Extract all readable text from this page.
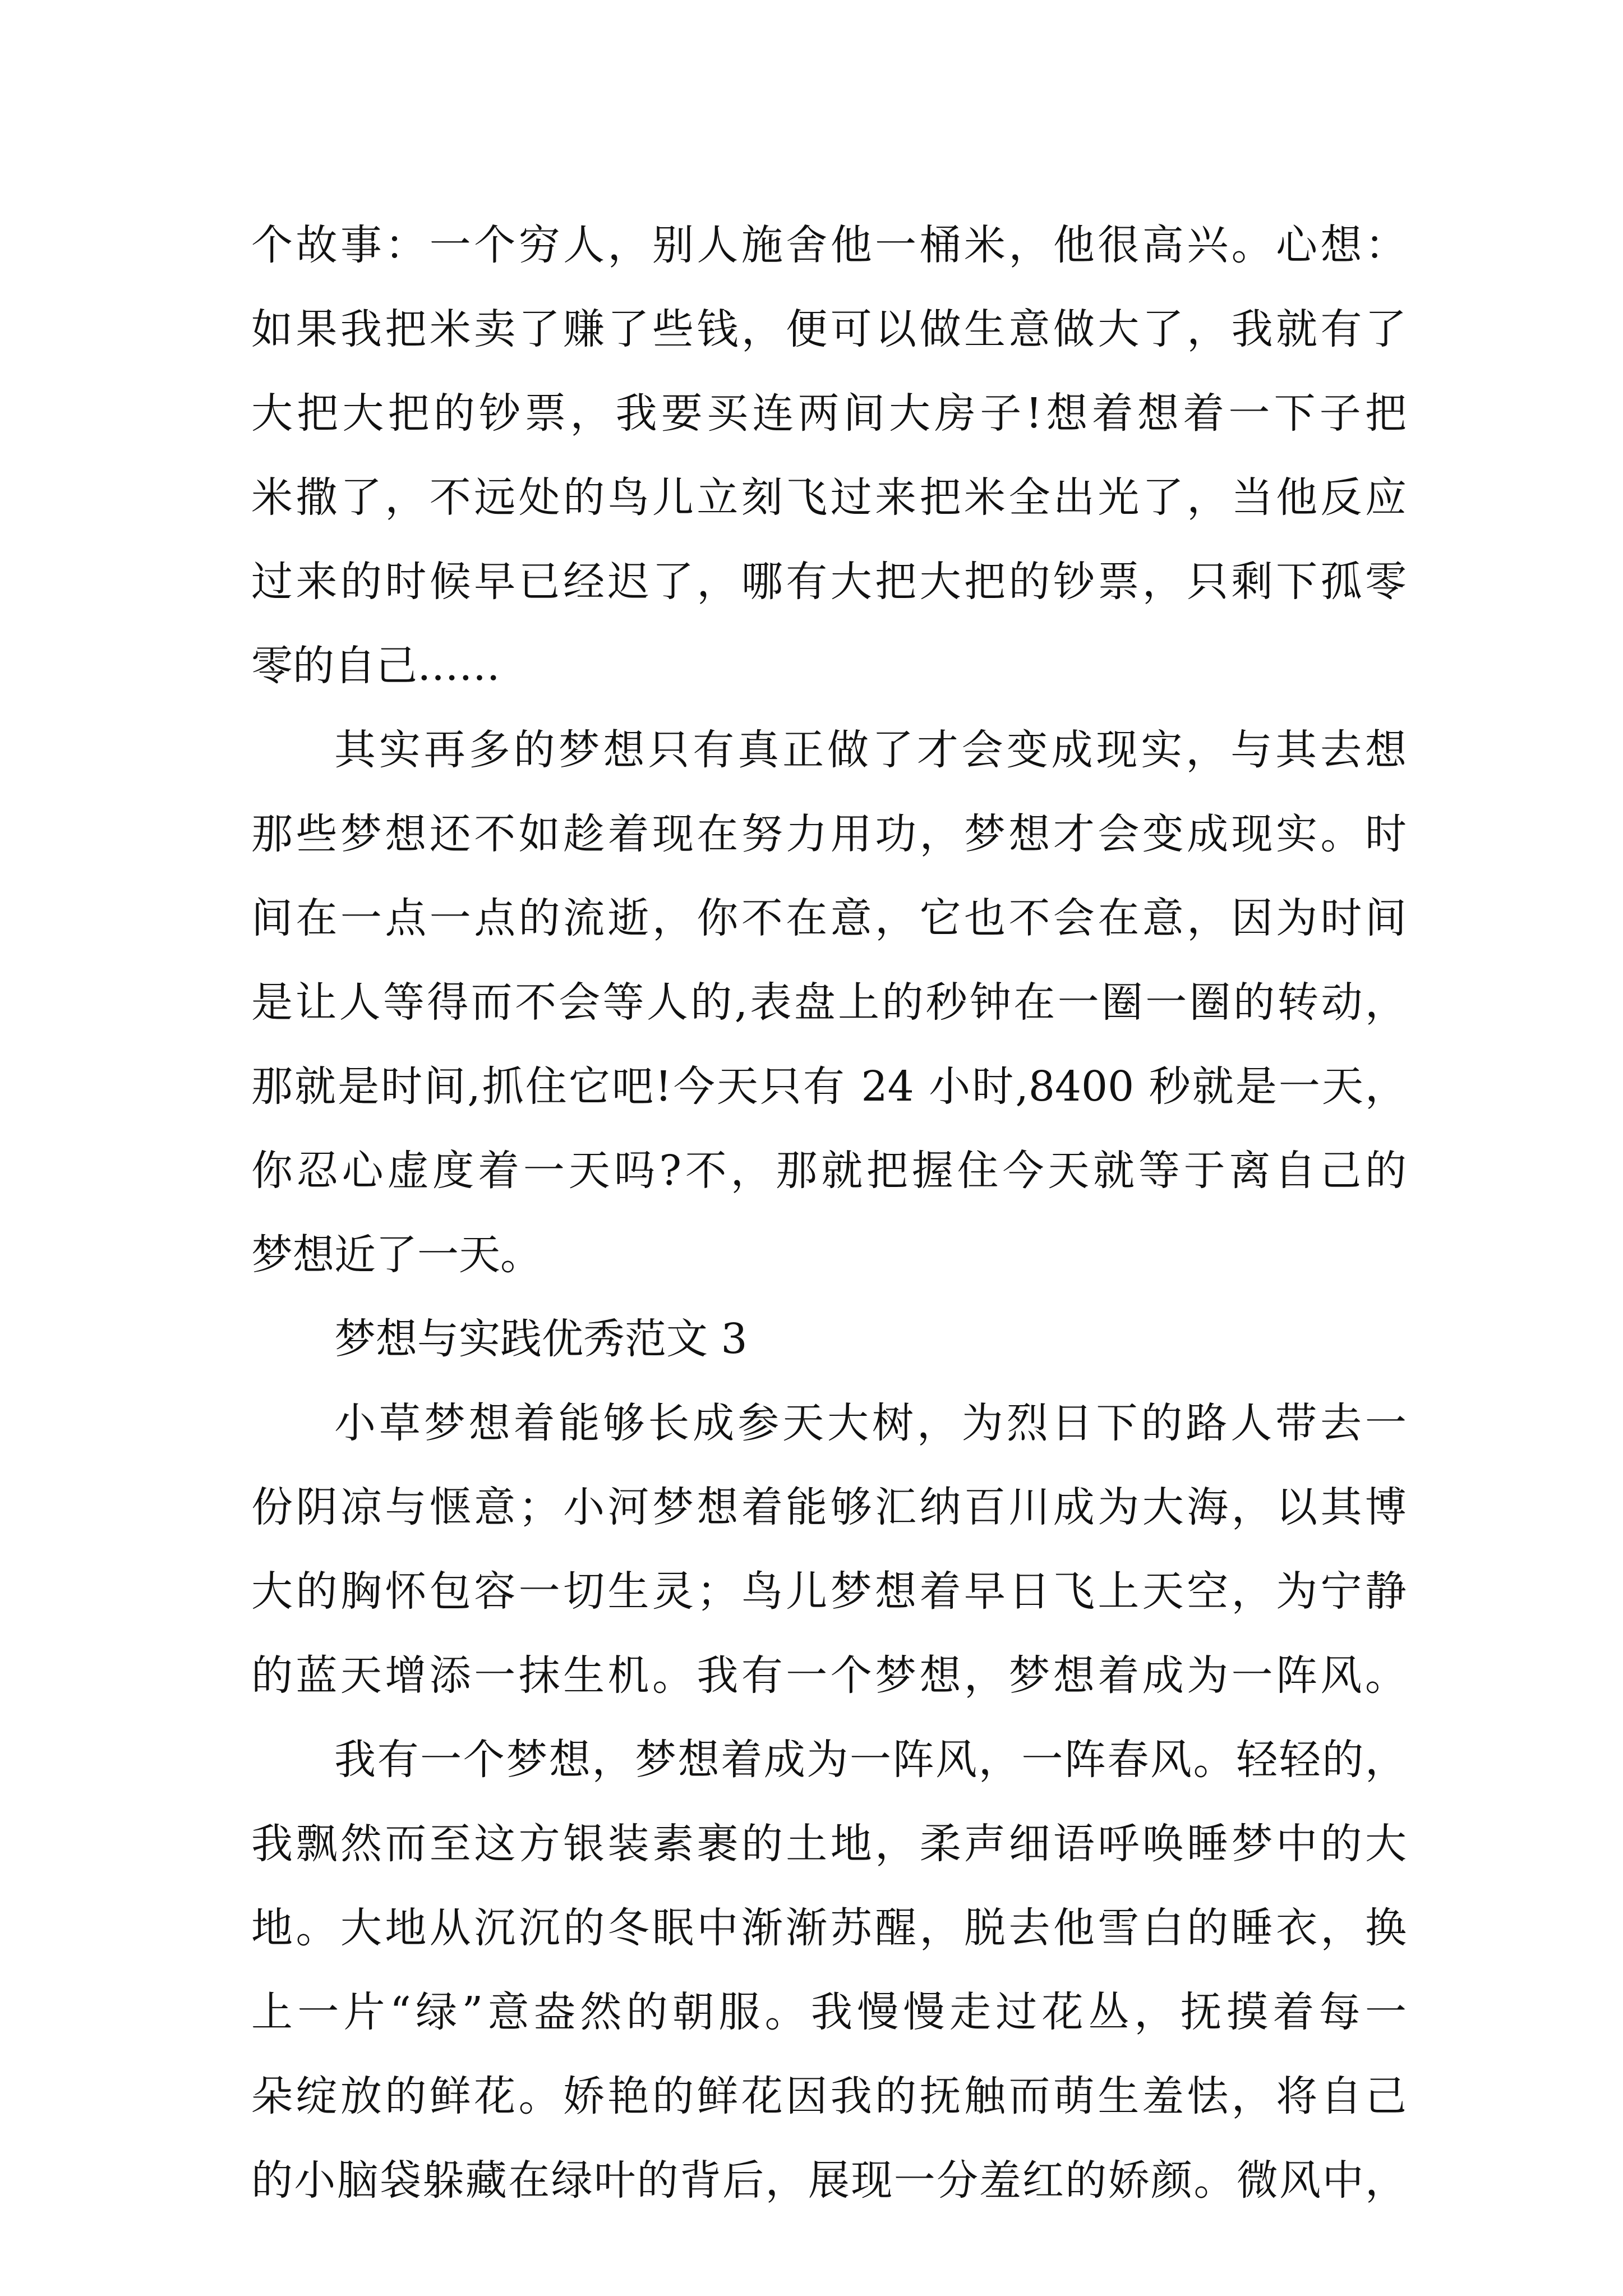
个故事：一个穷人，别人施舍他一桶米，他很高兴。心想：
如果我把米卖了赚了些钱，便可以做生意做大了，我就有了
大把大把的钞票，我要买连两间大房子!想着想着一下子把
米撒了，不远处的鸟儿立刻飞过来把米全出光了，当他反应
过来的时候早已经迟了，哪有大把大把的钞票，只剩下孤零
零的自己……
其实再多的梦想只有真正做了才会变成现实，与其去想
那些梦想还不如趁着现在努力用功，梦想才会变成现实。时
间在一点一点的流逝，你不在意，它也不会在意，因为时间
是让人等得而不会等人的,表盘上的秒钟在一圈一圈的转动，
那就是时间,抓住它吧!今天只有 24 小时,8400 秒就是一天，
你忍心虚度着一天吗?不，那就把握住今天就等于离自己的
梦想近了一天。
梦想与实践优秀范文 3
小草梦想着能够长成参天大树，为烈日下的路人带去一
份阴凉与惬意；小河梦想着能够汇纳百川成为大海，以其博
大的胸怀包容一切生灵；鸟儿梦想着早日飞上天空，为宁静
的蓝天增添一抹生机。我有一个梦想，梦想着成为一阵风。
我有一个梦想，梦想着成为一阵风，一阵春风。轻轻的，
我飘然而至这方银装素裹的土地，柔声细语呼唤睡梦中的大
地。大地从沉沉的冬眠中渐渐苏醒，脱去他雪白的睡衣，换
上一片“绿”意盎然的朝服。我慢慢走过花丛，抚摸着每一
朵绽放的鲜花。娇艳的鲜花因我的抚触而萌生羞怯，将自己
的小脑袋躲藏在绿叶的背后，展现一分羞红的娇颜。微风中，
